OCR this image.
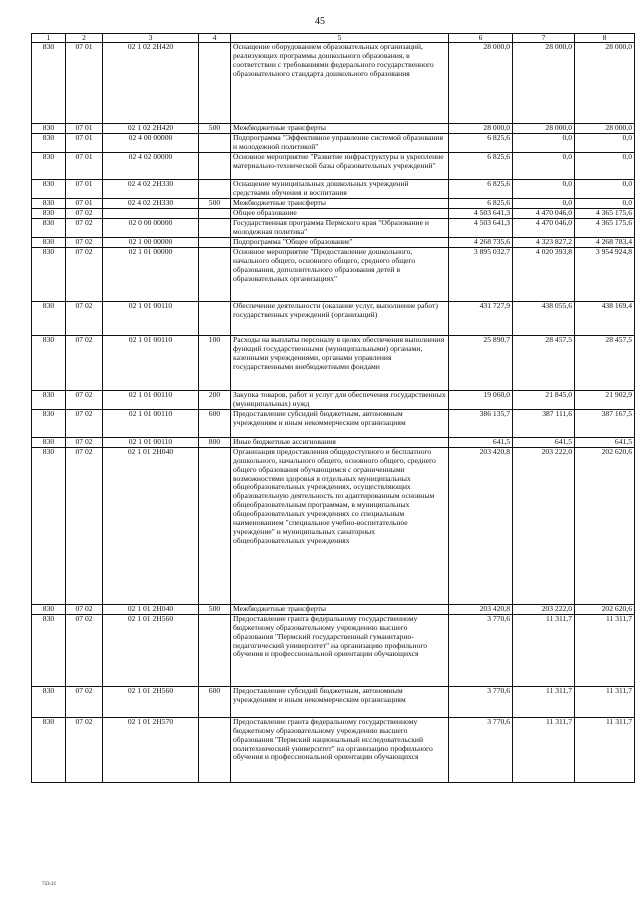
45
1	2	3	4	5	6	7	8
830	07 01	02 1 02 2Н420		Оснащение оборудованием образовательных организаций, реализующих программы дошкольного образования, в соответствии с требованиями федерального государственного образовательного стандарта дошкольного образования	28 000,0	28 000,0	28 000,0
830	07 01	02 1 02 2Н420	500	Межбюджетные трансферты	28 000,0	28 000,0	28 000,0
830	07 01	02 4 00 00000		Подпрограмма "Эффективное управление системой образования и молодежной политикой"	6 825,6	0,0	0,0
830	07 01	02 4 02 00000		Основное мероприятие "Развитие инфраструктуры и укрепление материально-технической базы образовательных учреждений"	6 825,6	0,0	0,0
830	07 01	02 4 02 2Н330		Оснащение муниципальных дошкольных учреждений средствами обучения и воспитания	6 825,6	0,0	0,0
830	07 01	02 4 02 2Н330	500	Межбюджетные трансферты	6 825,6	0,0	0,0
830	07 02			Общее образование	4 503 641,3	4 470 046,0	4 365 175,6
830	07 02	02 0 00 00000		Государственная программа Пермского края "Образование и молодежная политика"	4 503 641,3	4 470 046,0	4 365 175,6
830	07 02	02 1 00 00000		Подпрограмма "Общее образование"	4 268 735,6	4 323 827,2	4 268 783,4
830	07 02	02 1 01 00000		Основное мероприятие "Предоставление дошкольного, начального общего, основного общего, среднего общего образования, дополнительного образования детей в образовательных организациях"	3 895 032,7	4 020 393,8	3 954 924,8
830	07 02	02 1 01 00110		Обеспечение деятельности (оказание услуг, выполнение работ) государственных учреждений (организаций)	431 727,9	438 055,6	438 169,4
830	07 02	02 1 01 00110	100	Расходы на выплаты персоналу в целях обеспечения выполнения функций государственными (муниципальными) органами, казенными учреждениями, органами управления государственными внебюджетными фондами	25 890,7	28 457,5	28 457,5
830	07 02	02 1 01 00110	200	Закупка товаров, работ и услуг для обеспечения государственных (муниципальных) нужд	19 060,0	21 845,0	21 902,9
830	07 02	02 1 01 00110	600	Предоставление субсидий бюджетным, автономным учреждениям и иным некоммерческим организациям	386 135,7	387 111,6	387 167,5
830	07 02	02 1 01 00110	800	Иные бюджетные ассигнования	641,5	641,5	641,5
830	07 02	02 1 01 2Н040		Организация предоставления общедоступного и бесплатного дошкольного, начального общего, основного общего, среднего общего образования обучающимся с ограниченными возможностями здоровья в отдельных муниципальных общеобразовательных учреждениях, осуществляющих образовательную деятельность по адаптированным основным общеобразовательным программам, в муниципальных общеобразовательных учреждениях со специальным наименованием "специальное учебно-воспитательное учреждение" и муниципальных санаторных общеобразовательных учреждениях	203 420,8	203 222,0	202 620,6
830	07 02	02 1 01 2Н040	500	Межбюджетные трансферты	203 420,8	203 222,0	202 620,6
830	07 02	02 1 01 2Н560		Предоставление гранта федеральному государственному бюджетному образовательному учреждению высшего образования "Пермский государственный гуманитарно-педагогический университет" на организацию профильного обучения и профессиональной ориентации обучающихся	3 770,6	11 311,7	11 311,7
830	07 02	02 1 01 2Н560	600	Предоставление субсидий бюджетным, автономным учреждениям и иным некоммерческим организациям	3 770,6	11 311,7	11 311,7
830	07 02	02 1 01 2Н570		Предоставление гранта федеральному государственному бюджетному образовательному учреждению высшего образования "Пермский национальный исследовательский политехнический университет" на организацию профильного обучения и профессиональной ориентации обучающихся	3 770,6	11 311,7	11 311,7
723-21
